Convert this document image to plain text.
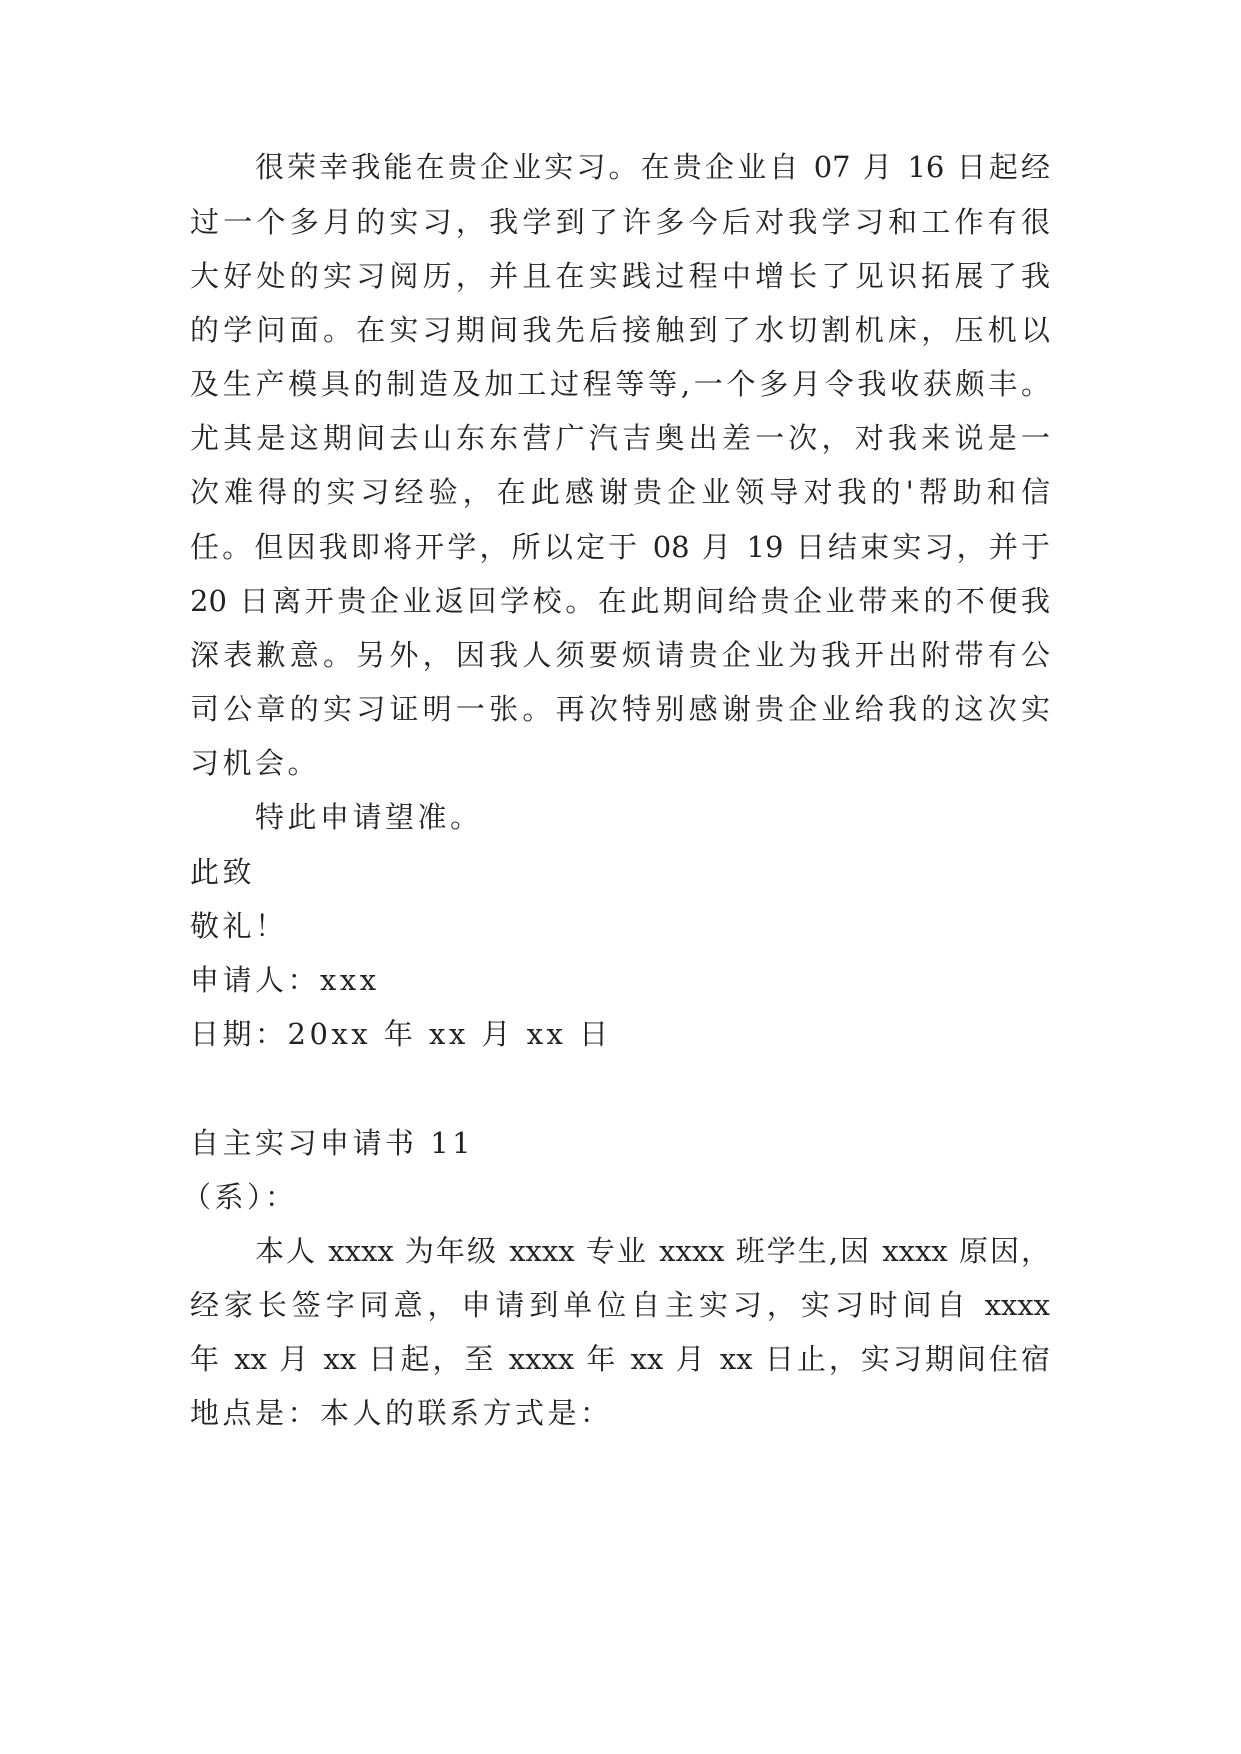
很荣幸我能在贵企业实习。在贵企业自 07 月 16 日起经
过一个多月的实习，我学到了许多今后对我学习和工作有很
大好处的实习阅历，并且在实践过程中增长了见识拓展了我
的学问面。在实习期间我先后接触到了水切割机床，压机以
及生产模具的制造及加工过程等等,一个多月令我收获颇丰。
尤其是这期间去山东东营广汽吉奥出差一次，对我来说是一
次难得的实习经验，在此感谢贵企业领导对我的'帮助和信
任。但因我即将开学，所以定于 08 月 19 日结束实习，并于
20 日离开贵企业返回学校。在此期间给贵企业带来的不便我
深表歉意。另外，因我人须要烦请贵企业为我开出附带有公
司公章的实习证明一张。再次特别感谢贵企业给我的这次实
习机会。
特此申请望准。
此致
敬礼！
申请人：xxx
日期：20xx 年 xx 月 xx 日
自主实习申请书 11
（系）：
本人 xxxx 为年级 xxxx 专业 xxxx 班学生,因 xxxx 原因，
经家长签字同意，申请到单位自主实习，实习时间自 xxxx
年 xx 月 xx 日起，至 xxxx 年 xx 月 xx 日止，实习期间住宿
地点是：本人的联系方式是：
